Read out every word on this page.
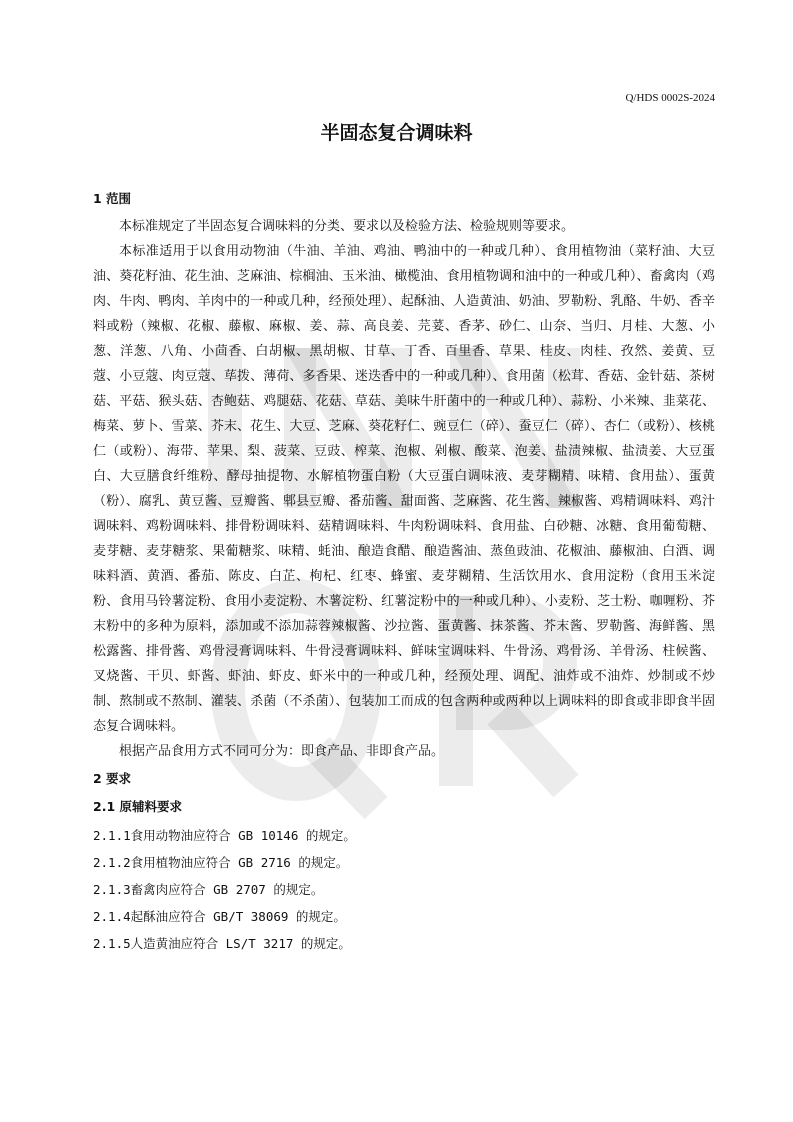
Q/HDS 0002S-2024
半固态复合调味料
1 范围

本标准规定了半固态复合调味料的分类、要求以及检验方法、检验规则等要求。

本标准适用于以食用动物油（牛油、羊油、鸡油、鸭油中的一种或几种）、食用植物油（菜籽油、大豆油、葵花籽油、花生油、芝麻油、棕榈油、玉米油、橄榄油、食用植物调和油中的一种或几种）、畜禽肉（鸡肉、牛肉、鸭肉、羊肉中的一种或几种，经预处理）、起酥油、人造黄油、奶油、罗勒粉、乳酪、牛奶、香辛料或粉（辣椒、花椒、藤椒、麻椒、姜、蒜、高良姜、芫荽、香茅、砂仁、山奈、当归、月桂、大葱、小葱、洋葱、八角、小茴香、白胡椒、黑胡椒、甘草、丁香、百里香、草果、桂皮、肉桂、孜然、姜黄、豆蔻、小豆蔻、肉豆蔻、荜拨、薄荷、多香果、迷迭香中的一种或几种）、食用菌（松茸、香菇、金针菇、茶树菇、平菇、猴头菇、杏鲍菇、鸡腿菇、花菇、草菇、美味牛肝菌中的一种或几种）、蒜粉、小米辣、韭菜花、梅菜、萝卜、雪菜、芥末、花生、大豆、芝麻、葵花籽仁、豌豆仁（碎）、蚕豆仁（碎）、杏仁（或粉）、核桃仁（或粉）、海带、苹果、梨、菠菜、豆豉、榨菜、泡椒、剁椒、酸菜、泡姜、盐渍辣椒、盐渍姜、大豆蛋白、大豆膳食纤维粉、酵母抽提物、水解植物蛋白粉（大豆蛋白调味液、麦芽糊精、味精、食用盐）、蛋黄（粉）、腐乳、黄豆酱、豆瓣酱、郫县豆瓣、番茄酱、甜面酱、芝麻酱、花生酱、辣椒酱、鸡精调味料、鸡汁调味料、鸡粉调味料、排骨粉调味料、菇精调味料、牛肉粉调味料、食用盐、白砂糖、冰糖、食用葡萄糖、麦芽糖、麦芽糖浆、果葡糖浆、味精、蚝油、酿造食醋、酿造酱油、蒸鱼豉油、花椒油、藤椒油、白酒、调味料酒、黄酒、番茄、陈皮、白芷、枸杞、红枣、蜂蜜、麦芽糊精、生活饮用水、食用淀粉（食用玉米淀粉、食用马铃薯淀粉、食用小麦淀粉、木薯淀粉、红薯淀粉中的一种或几种）、小麦粉、芝士粉、咖喱粉、芥末粉中的多种为原料，添加或不添加蒜蓉辣椒酱、沙拉酱、蛋黄酱、抹茶酱、芥末酱、罗勒酱、海鲜酱、黑松露酱、排骨酱、鸡骨浸膏调味料、牛骨浸膏调味料、鲜味宝调味料、牛骨汤、鸡骨汤、羊骨汤、柱候酱、叉烧酱、干贝、虾酱、虾油、虾皮、虾米中的一种或几种，经预处理、调配、油炸或不油炸、炒制或不炒制、熬制或不熬制、灌装、杀菌（不杀菌）、包装加工而成的包含两种或两种以上调味料的即食或非即食半固态复合调味料。

根据产品食用方式不同可分为：即食产品、非即食产品。

2 要求
2.1 原辅料要求

2.1.1食用动物油应符合 GB 10146 的规定。

2.1.2食用植物油应符合 GB 2716 的规定。

2.1.3畜禽肉应符合 GB 2707 的规定。

2.1.4起酥油应符合 GB/T 38069 的规定。

2.1.5人造黄油应符合 LS/T 3217 的规定。
